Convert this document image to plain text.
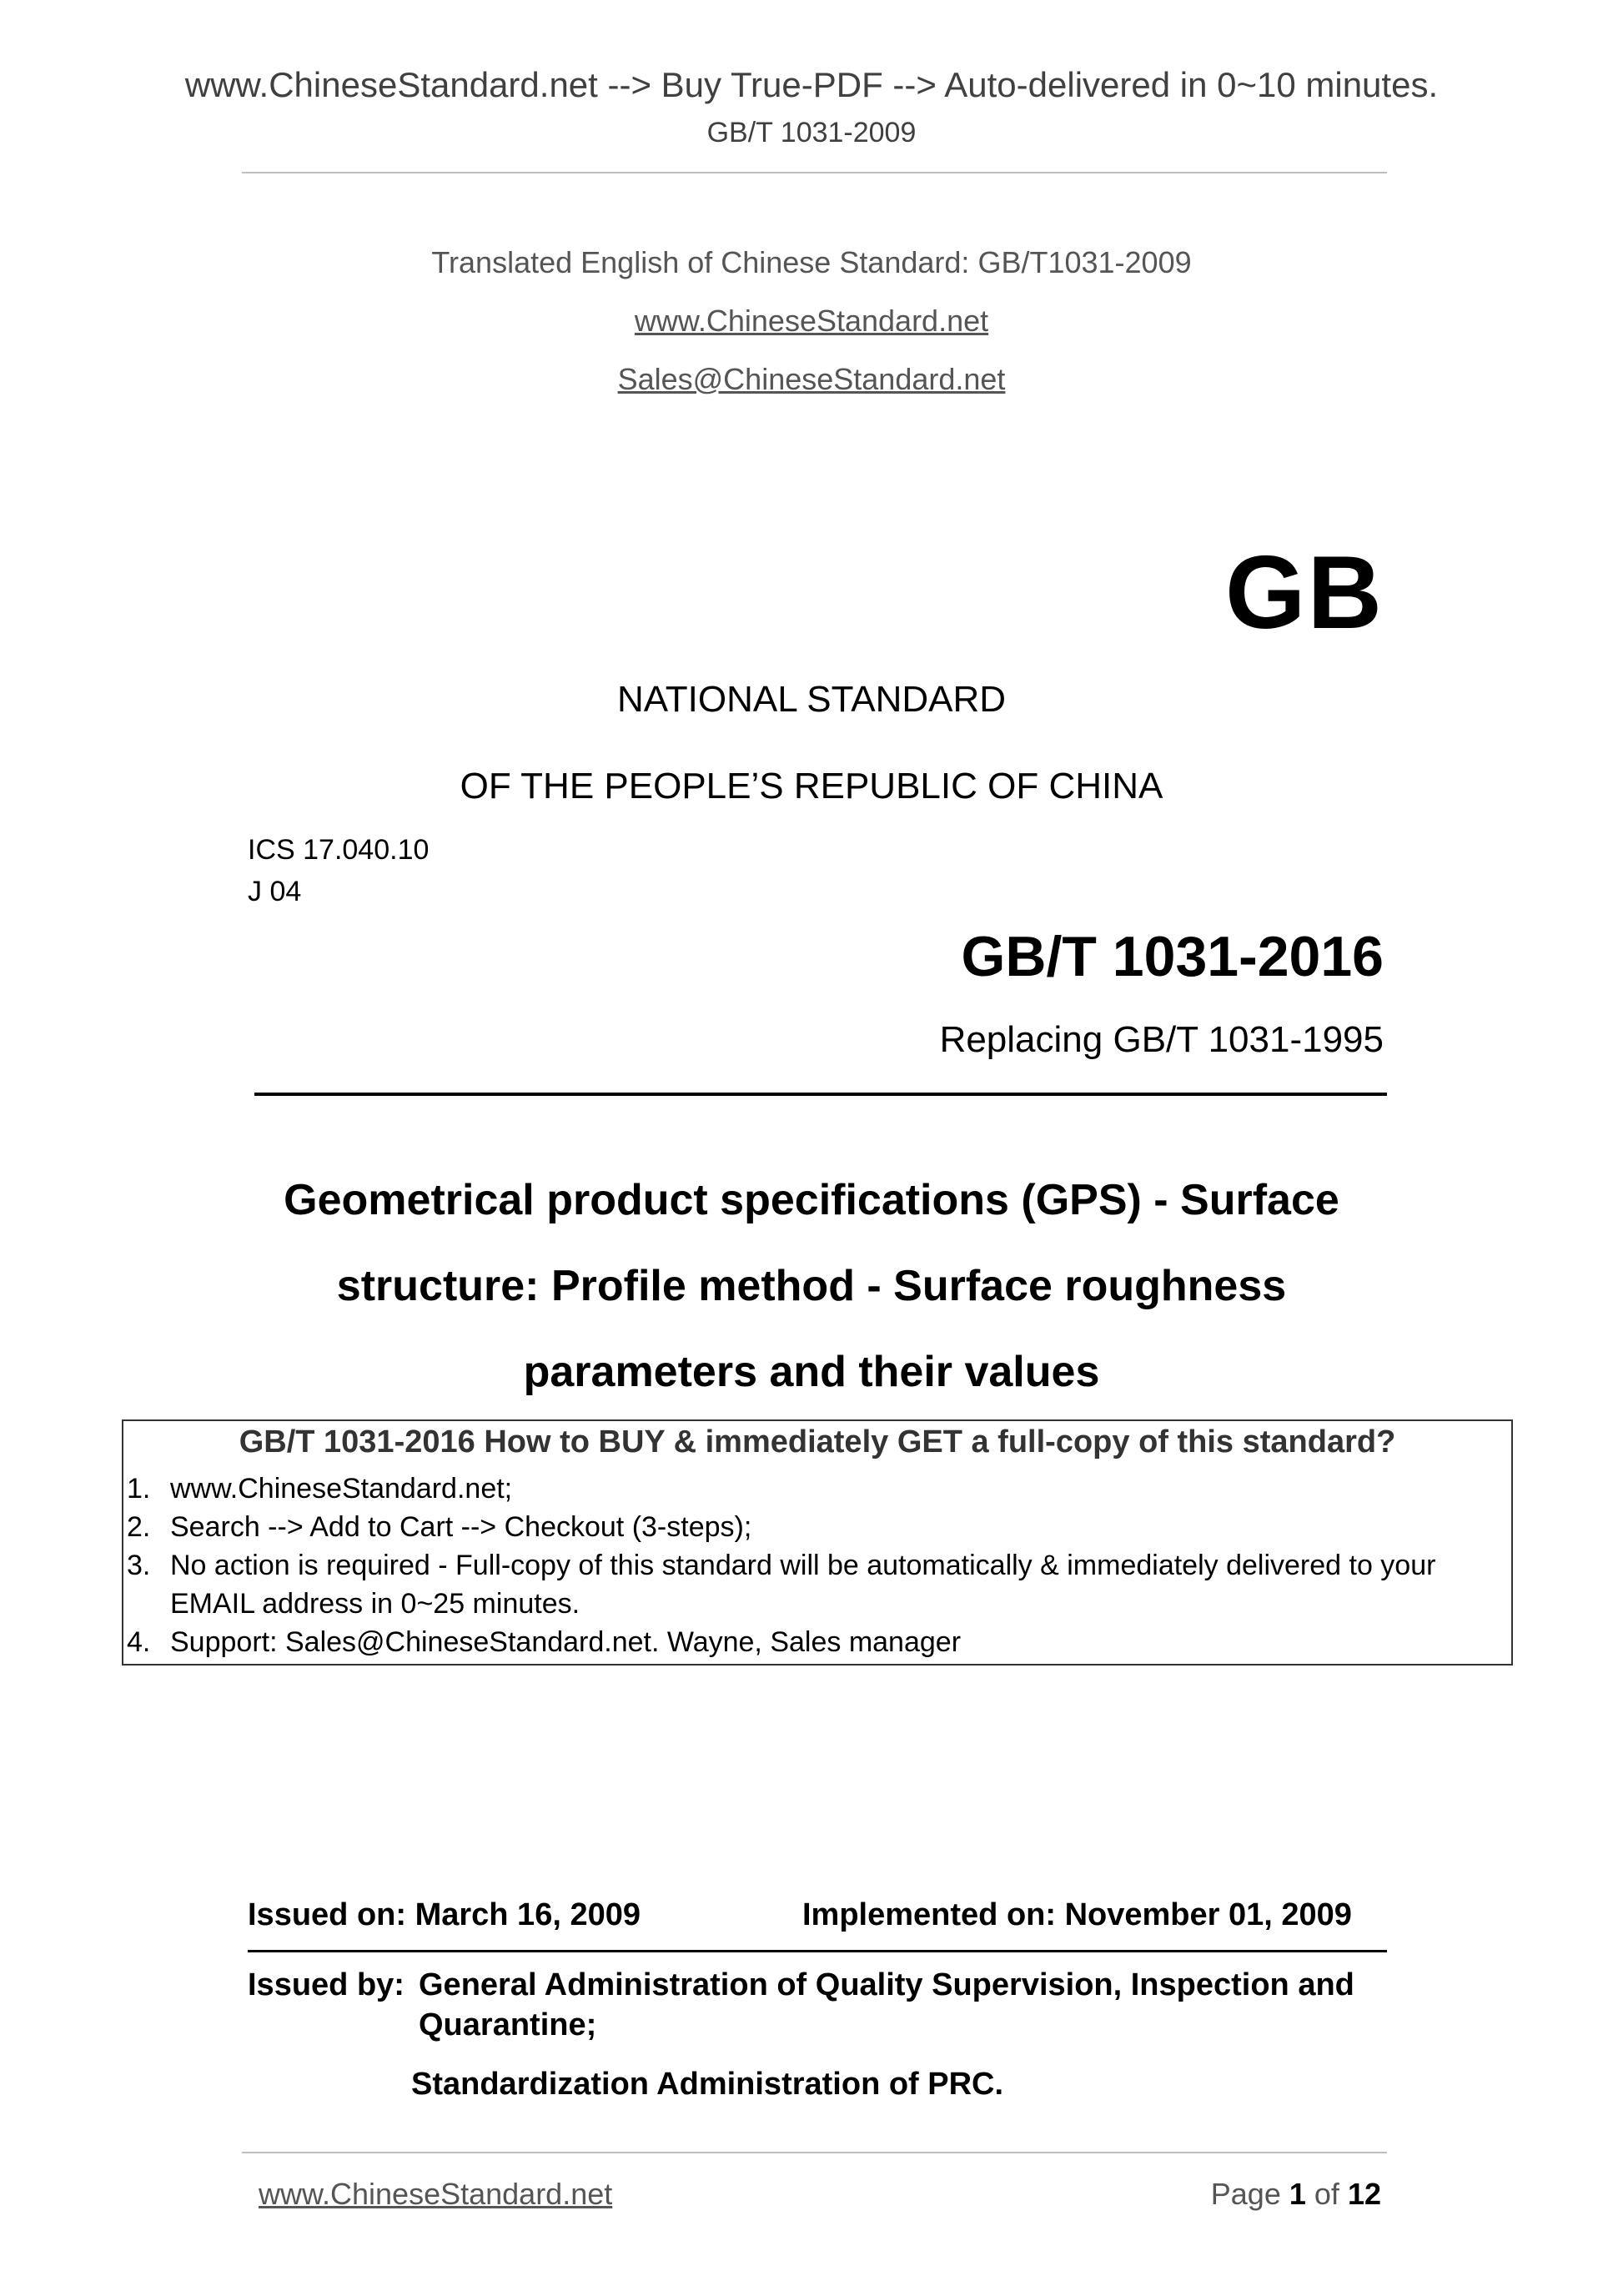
www.ChineseStandard.net --> Buy True-PDF --> Auto-delivered in 0~10 minutes.
GB/T 1031-2009
Translated English of Chinese Standard: GB/T1031-2009
www.ChineseStandard.net
Sales@ChineseStandard.net
GB
NATIONAL STANDARD
OF THE PEOPLE’S REPUBLIC OF CHINA
ICS 17.040.10
J 04
GB/T 1031-2016
Replacing GB/T 1031-1995
Geometrical product specifications (GPS) - Surface
structure: Profile method - Surface roughness
parameters and their values
GB/T 1031-2016 How to BUY & immediately GET a full-copy of this standard?
1. www.ChineseStandard.net;
2. Search --> Add to Cart --> Checkout (3-steps);
3. No action is required - Full-copy of this standard will be automatically & immediately delivered to your EMAIL address in 0~25 minutes.
4. Support: Sales@ChineseStandard.net. Wayne, Sales manager
Issued on: March 16, 2009	Implemented on: November 01, 2009
Issued by: General Administration of Quality Supervision, Inspection and Quarantine;
Standardization Administration of PRC.
www.ChineseStandard.net	Page 1 of 12
